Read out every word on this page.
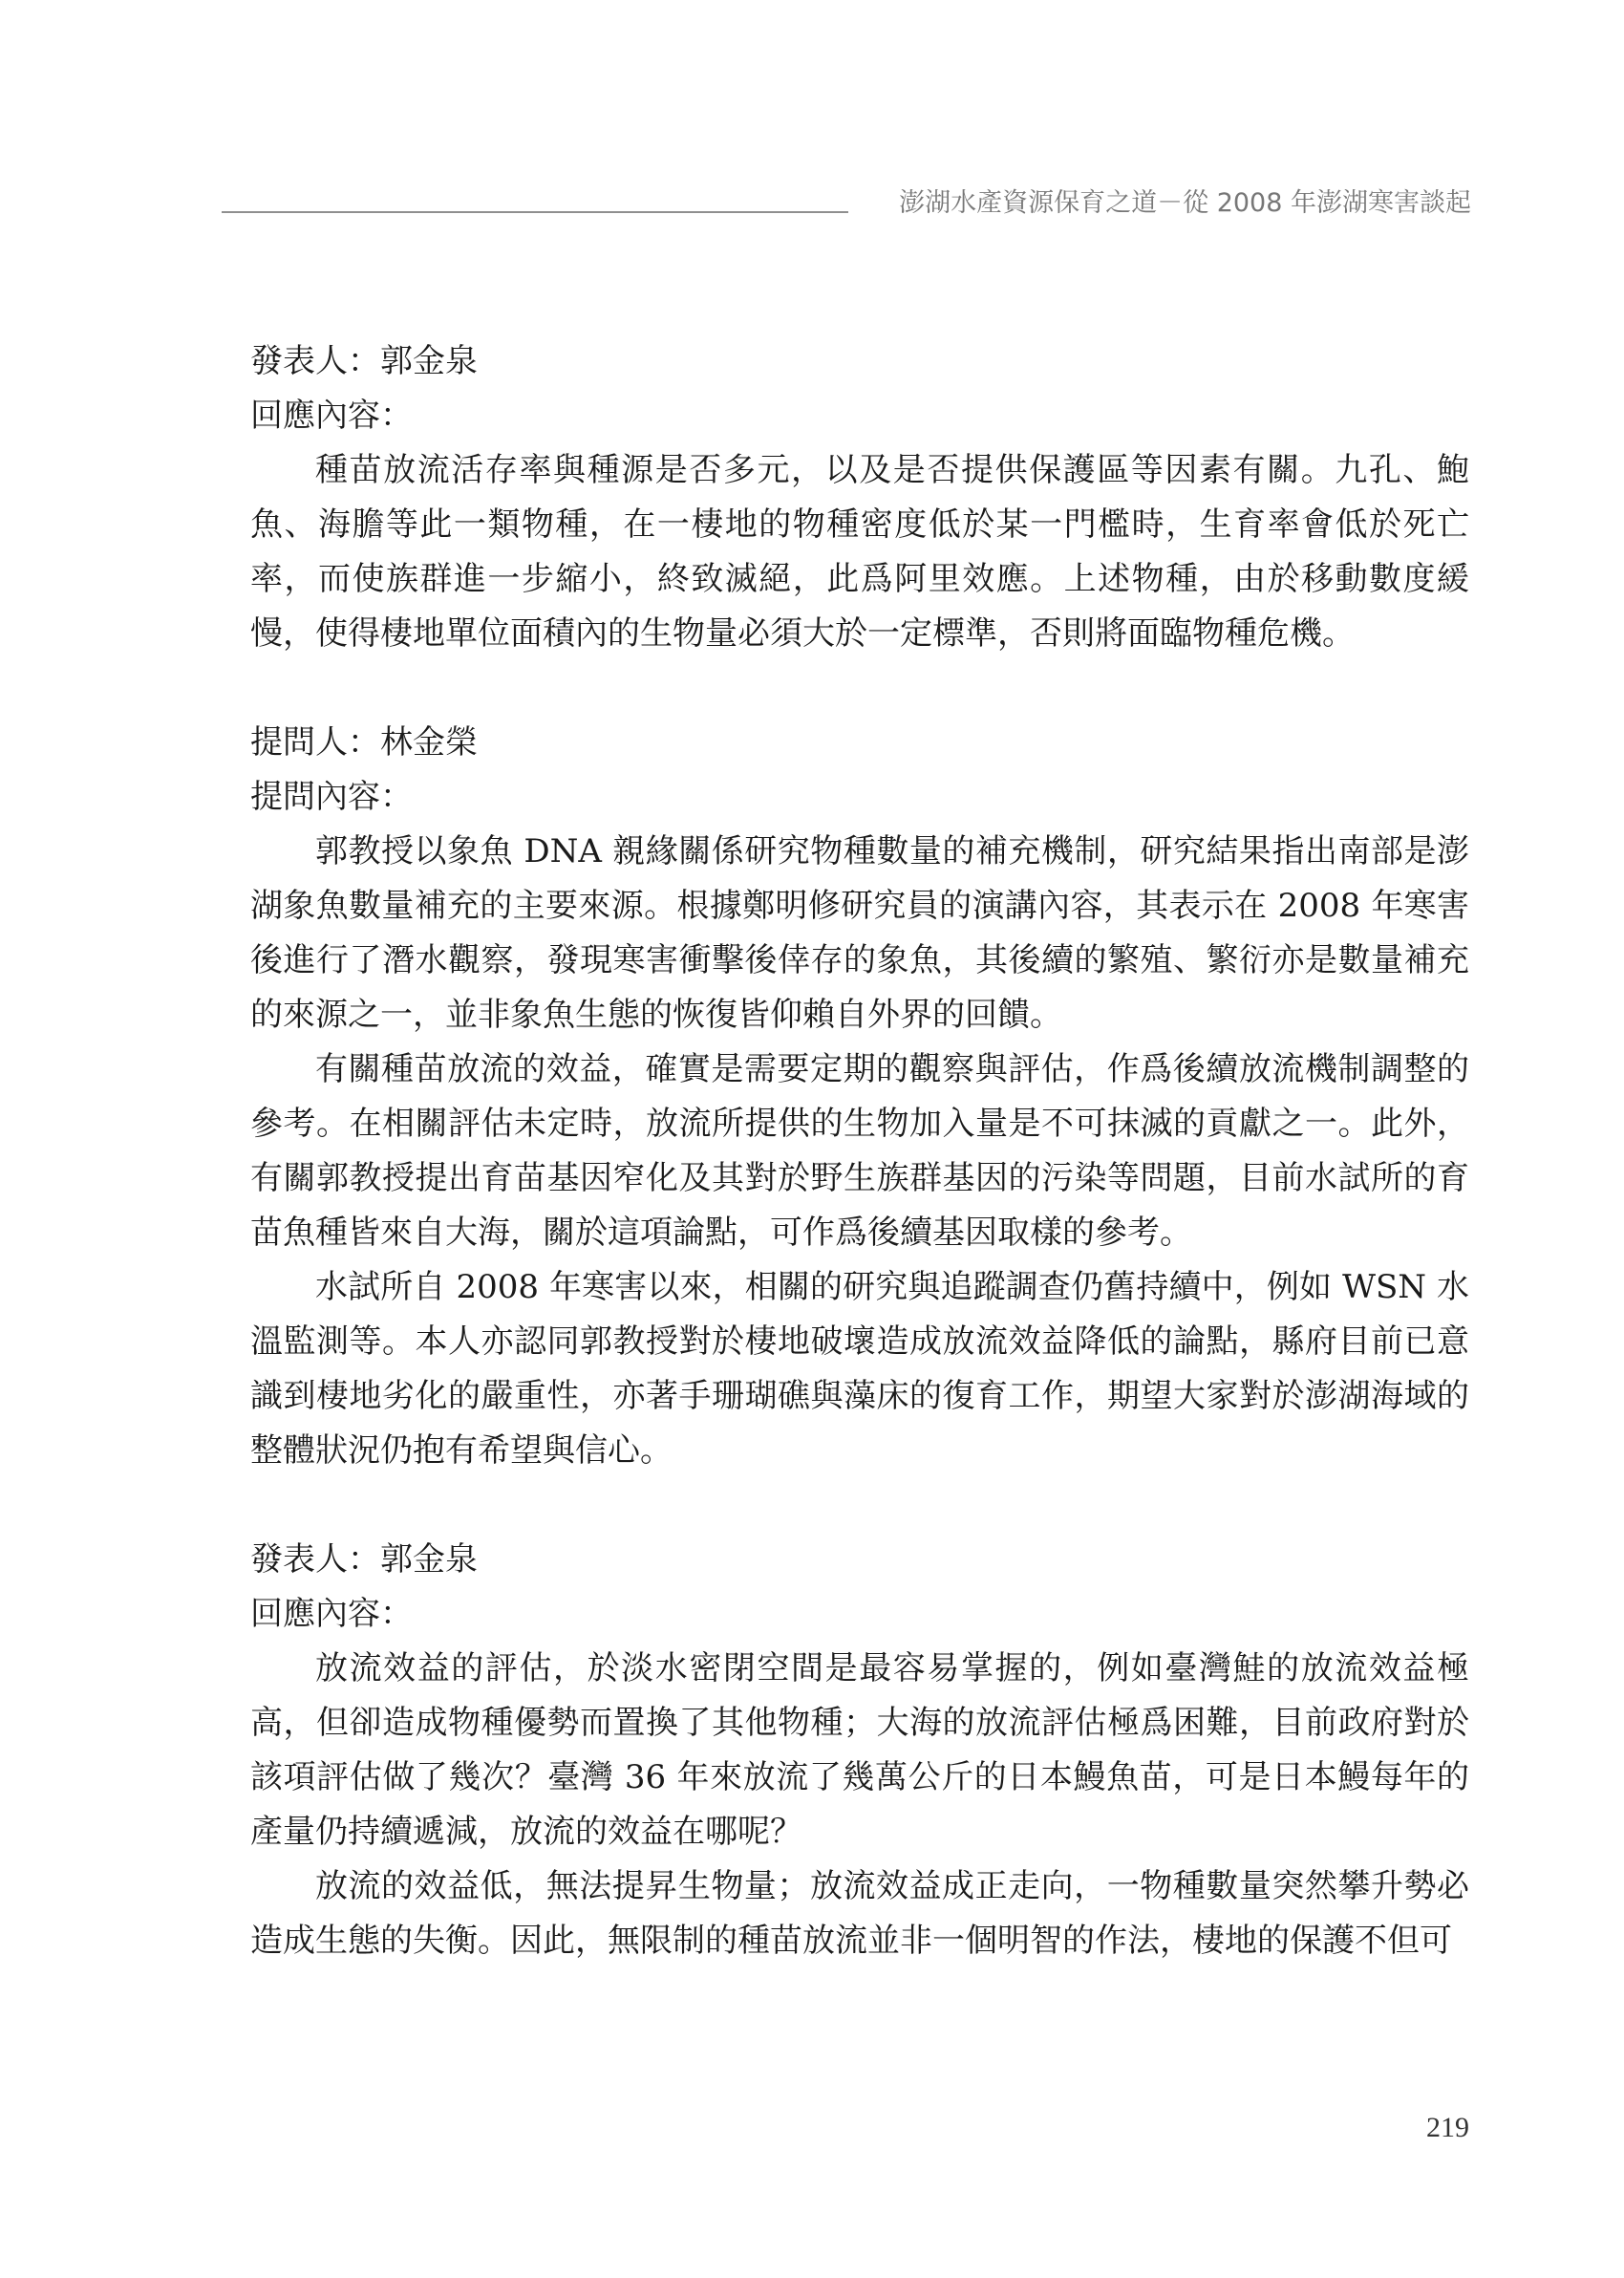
澎湖水產資源保育之道－從 2008 年澎湖寒害談起

發表人：郭金泉

回應內容：

種苗放流活存率與種源是否多元，以及是否提供保護區等因素有關。九孔、鮑魚、海膽等此一類物種，在一棲地的物種密度低於某一門檻時，生育率會低於死亡率，而使族群進一步縮小，終致滅絕，此爲阿里效應。上述物種，由於移動數度緩慢，使得棲地單位面積內的生物量必須大於一定標準，否則將面臨物種危機。

提問人：林金榮

提問內容：

郭教授以象魚 DNA 親緣關係研究物種數量的補充機制，研究結果指出南部是澎湖象魚數量補充的主要來源。根據鄭明修研究員的演講內容，其表示在 2008 年寒害後進行了潛水觀察，發現寒害衝擊後倖存的象魚，其後續的繁殖、繁衍亦是數量補充的來源之一，並非象魚生態的恢復皆仰賴自外界的回饋。

有關種苗放流的效益，確實是需要定期的觀察與評估，作爲後續放流機制調整的參考。在相關評估未定時，放流所提供的生物加入量是不可抹滅的貢獻之一。此外，有關郭教授提出育苗基因窄化及其對於野生族群基因的污染等問題，目前水試所的育苗魚種皆來自大海，關於這項論點，可作爲後續基因取樣的參考。

水試所自 2008 年寒害以來，相關的研究與追蹤調查仍舊持續中，例如 WSN 水溫監測等。本人亦認同郭教授對於棲地破壞造成放流效益降低的論點，縣府目前已意識到棲地劣化的嚴重性，亦著手珊瑚礁與藻床的復育工作，期望大家對於澎湖海域的整體狀況仍抱有希望與信心。

發表人：郭金泉

回應內容：

放流效益的評估，於淡水密閉空間是最容易掌握的，例如臺灣鮭的放流效益極高，但卻造成物種優勢而置換了其他物種；大海的放流評估極爲困難，目前政府對於該項評估做了幾次？臺灣 36 年來放流了幾萬公斤的日本鰻魚苗，可是日本鰻每年的產量仍持續遞減，放流的效益在哪呢？

放流的效益低，無法提昇生物量；放流效益成正走向，一物種數量突然攀升勢必造成生態的失衡。因此，無限制的種苗放流並非一個明智的作法，棲地的保護不但可

219
